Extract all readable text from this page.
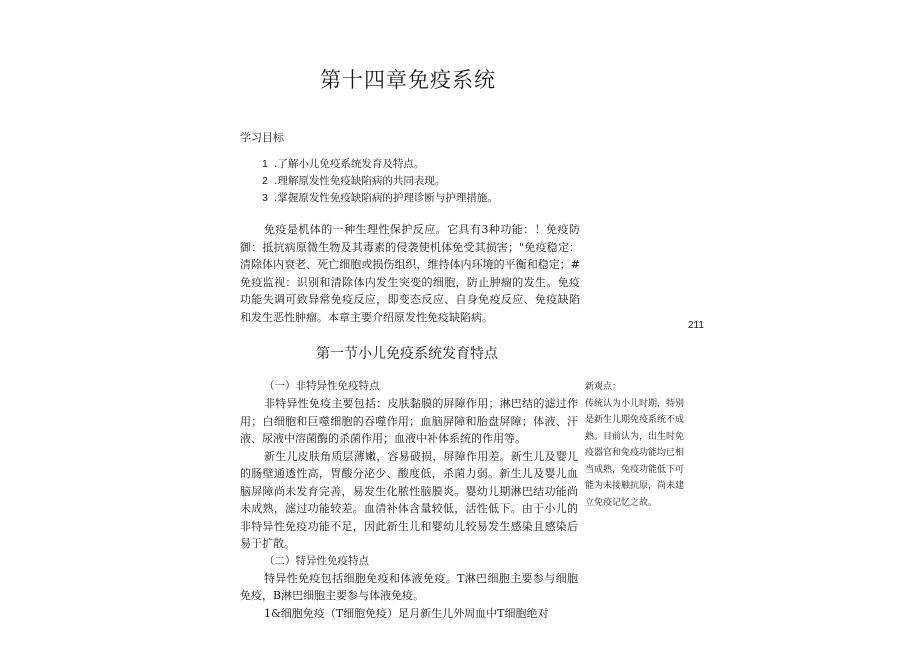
第十四章免疫系统
学习目标
1 .了解小儿免疫系统发育及特点。
2 .理解原发性免疫缺陷病的共同表现。
3 .掌握原发性免疫缺陷病的护理诊断与护理措施。

免疫是机体的一种生理性保护反应。它具有3种功能：！免疫防御：抵抗病原微生物及其毒素的侵袭使机体免受其损害；"免疫稳定：清除体内衰老、死亡细胞或损伤组织，维持体内环境的平衡和稳定；#免疫监视：识别和清除体内发生突变的细胞，防止肿瘤的发生。免疫功能失调可致异常免疫反应，即变态反应、自身免疫反应、免疫缺陷和发生恶性肿瘤。本章主要介绍原发性免疫缺陷病。

211
第一节小儿免疫系统发育特点

（一）非特异性免疫特点

非特异性免疫主要包括：皮肤黏膜的屏障作用；淋巴结的滤过作用；白细胞和巨噬细胞的吞噬作用；血脑屏障和胎盘屏障；体液、汗液、尿液中溶菌酶的杀菌作用；血液中补体系统的作用等。

新生儿皮肤角质层薄嫩，容易破损，屏障作用差。新生儿及婴儿的肠壁通透性高，胃酸分泌少、酸度低，杀菌力弱。新生儿及婴儿血脑屏障尚未发育完善，易发生化脓性脑膜炎。婴幼儿期淋巴结功能尚未成熟，滤过功能较差。血清补体含量较低，活性低下。由于小儿的非特异性免疫功能不足，因此新生儿和婴幼儿较易发生感染且感染后易于扩散。

（二）特异性免疫特点

特异性免疫包括细胞免疫和体液免疫。T淋巴细胞主要参与细胞免疫，B淋巴细胞主要参与体液免疫。

1&细胞免疫（T细胞免疫）足月新生儿外周血中T细胞绝对

新观点：

传统认为小儿时期，特别是新生儿期免疫系统不成熟。目前认为，出生时免疫器官和免疫功能均已相当成熟，免疫功能低下可能为未接触抗原，尚未建立免疫记忆之故。
